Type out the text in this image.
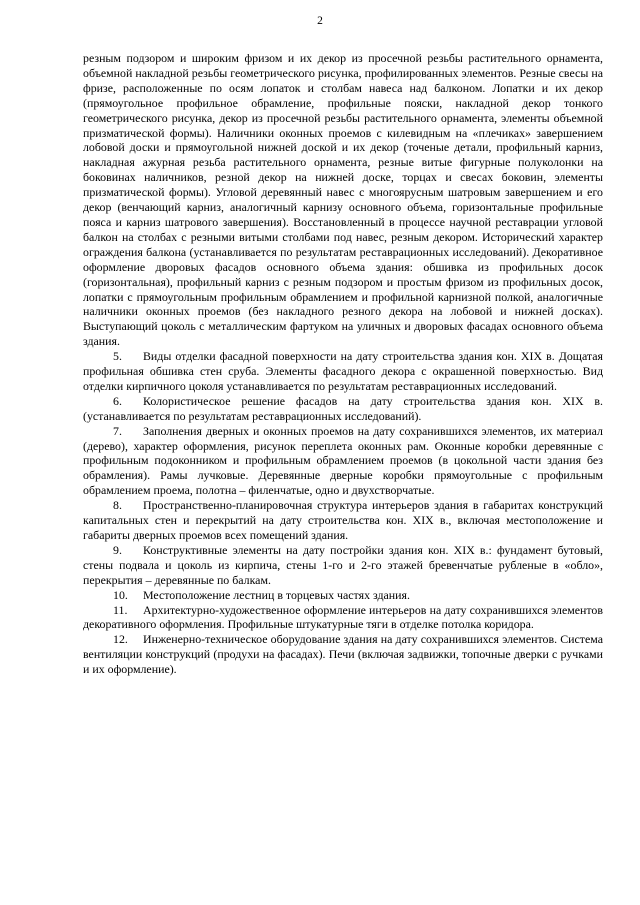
2

резным подзором и широким фризом и их декор из просечной резьбы растительного орнамента, объемной накладной резьбы геометрического рисунка, профилированных элементов. Резные свесы на фризе, расположенные по осям лопаток и столбам навеса над балконом. Лопатки и их декор (прямоугольное профильное обрамление, профильные пояски, накладной декор тонкого геометрического рисунка, декор из просечной резьбы растительного орнамента, элементы объемной призматической формы). Наличники оконных проемов с килевидным на «плечиках» завершением лобовой доски и прямоугольной нижней доской и их декор (точеные детали, профильный карниз, накладная ажурная резьба растительного орнамента, резные витые фигурные полуколонки на боковинах наличников, резной декор на нижней доске, торцах и свесах боковин, элементы призматической формы). Угловой деревянный навес с многоярусным шатровым завершением и его декор (венчающий карниз, аналогичный карнизу основного объема, горизонтальные профильные пояса и карниз шатрового завершения). Восстановленный в процессе научной реставрации угловой балкон на столбах с резными витыми столбами под навес, резным декором. Исторический характер ограждения балкона (устанавливается по результатам реставрационных исследований). Декоративное оформление дворовых фасадов основного объема здания: обшивка из профильных досок (горизонтальная), профильный карниз с резным подзором и простым фризом из профильных досок, лопатки с прямоугольным профильным обрамлением и профильной карнизной полкой, аналогичные наличники оконных проемов (без накладного резного декора на лобовой и нижней досках). Выступающий цоколь с металлическим фартуком на уличных и дворовых фасадах основного объема здания.

5. Виды отделки фасадной поверхности на дату строительства здания кон. XIX в. Дощатая профильная обшивка стен сруба. Элементы фасадного декора с окрашенной поверхностью. Вид отделки кирпичного цоколя устанавливается по результатам реставрационных исследований.

6. Колористическое решение фасадов на дату строительства здания кон. XIX в. (устанавливается по результатам реставрационных исследований).

7. Заполнения дверных и оконных проемов на дату сохранившихся элементов, их материал (дерево), характер оформления, рисунок переплета оконных рам. Оконные коробки деревянные с профильным подоконником и профильным обрамлением проемов (в цокольной части здания без обрамления). Рамы лучковые. Деревянные дверные коробки прямоугольные с профильным обрамлением проема, полотна – филенчатые, одно и двухстворчатые.

8. Пространственно-планировочная структура интерьеров здания в габаритах конструкций капитальных стен и перекрытий на дату строительства кон. XIX в., включая местоположение и габариты дверных проемов всех помещений здания.

9. Конструктивные элементы на дату постройки здания кон. XIX в.: фундамент бутовый, стены подвала и цоколь из кирпича, стены 1-го и 2-го этажей бревенчатые рубленые в «обло», перекрытия – деревянные по балкам.

10. Местоположение лестниц в торцевых частях здания.

11. Архитектурно-художественное оформление интерьеров на дату сохранившихся элементов декоративного оформления. Профильные штукатурные тяги в отделке потолка коридора.

12. Инженерно-техническое оборудование здания на дату сохранившихся элементов. Система вентиляции конструкций (продухи на фасадах). Печи (включая задвижки, топочные дверки с ручками и их оформление).
